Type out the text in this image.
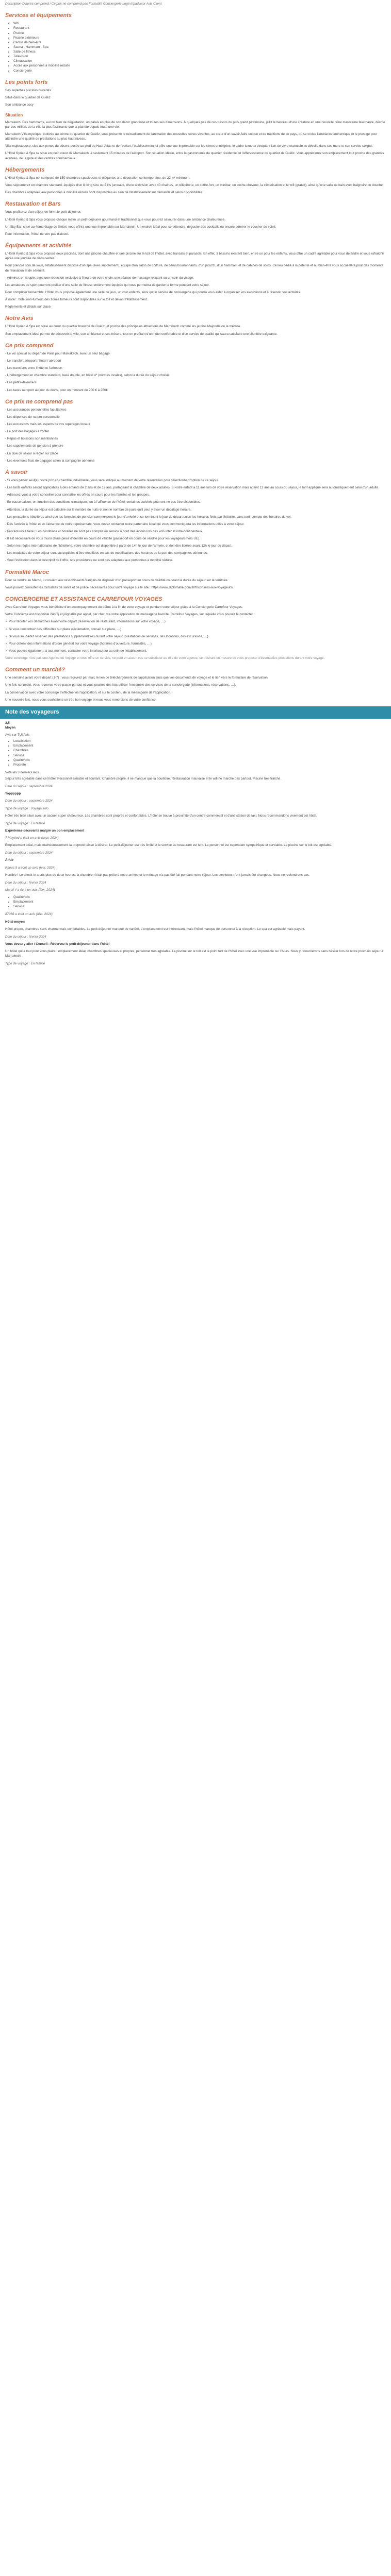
Description D'après comprend / Ce prix ne comprend pas Formalité Conciergerie Logé tripadvisor Avis Client

Services et équipements
• Wifi
• Restaurant
• Piscine
• Piscine extérieure
• Centre de bien-être
• Sauna - Hammam - Spa
• Salle de fitness
• Télévision
• Climatisation
• Accès aux personnes à mobilité réduite
• Conciergerie
Les points forts

Ses superbes piscines ouvertes

Situé dans le quartier de Gueliz

Son ambiance cosy

Situation

Marrakech. Des hammams, au ton bien de dégustation, on palais en plus de son décor grandiose et toutes ses dimensions. À quelques pas de ces trésors du plus grand patrimoine, jaillit le berceau d'une créature en une nouvelle reine marocaine fascinante, décrite par des milliers de la ville la plus fascinante que la planète depuis toute une vie.

Marrakech Villa mystique, cultivée au centre du quartier de Guéliz, vous présente le ruissellement de l'animation des nouvelles ruines vivantes, au cœur d'un savoir-faire unique et de traditions de ce pays, où se croise l'ambiance authentique et le prestige pour atteindre une qualité de prestations au plus haut niveau.

Villa majestueuse, sise aux portes du désert, posée au pied du Haut-Atlas et de l'océan, l'établissement lui offre une vue imprenable sur les cimes enneigées, le cadre luxueux évoquant l'art de vivre marocain se dévoile dans ses murs et son service soigné.

L'Hôtel Kyriad & Spa se situe en plein cœur de Marrakech, à seulement 15 minutes de l'aéroport. Son situation idéale, entre la gastronomie du quartier résidentiel et l'effervescence du quartier de Guéliz. Vous apprécierez son emplacement tout proche des grandes avenues, de la gare et des centres commerciaux.

Hébergements

L'Hôtel Kyriad & Spa est composé de 150 chambres spacieuses et élégantes à la décoration contemporaine, de 22 m² minimum.

Vous séjournerez en chambre standard, équipée d'un lit king size ou 2 lits jumeaux, d'une télévision avec 40 chaînes, un téléphone, un coffre-fort, un minibar, un sèche-cheveux, la climatisation et le wifi (gratuit), ainsi qu'une salle de bain avec baignoire ou douche.

Des chambres adaptées aux personnes à mobilité réduite sont disponibles au sein de l'établissement sur demande et selon disponibilités.

Restauration et Bars

Vous profiterez d'un séjour en formule petit-déjeuner.

L'Hôtel Kyriad & Spa vous propose chaque matin un petit-déjeuner gourmand et traditionnel que vous pourrez savourer dans une ambiance chaleureuse.

Un Sky Bar, situé au 4ème étage de l'hôtel, vous offrira une vue imprenable sur Marrakech. Un endroit idéal pour se détendre, déguster des cocktails ou encore admirer le coucher de soleil.

Pour information, l'hôtel ne sert pas d'alcool.

Équipements et activités

L'Hôtel Kyriad & Spa vous propose deux piscines, dont une piscine chauffée et une piscine sur le toit de l'hôtel, avec transats et parasols. En effet, 3 bassins existent bien, entre un pour les enfants, vous offre un cadre agréable pour vous détendre et vous rafraîchir après une journée de découvertes.

Pour prendre soin de vous, l'établissement dispose d'un spa (avec supplément), équipé d'un salon de coiffure, de bains bouillonnants, d'un jacuzzi, d'un hammam et de cabines de soins. Ce lieu dédié à la détente et au bien-être vous accueillera pour des moments de relaxation et de sérénité.

- Admirez, en couple, avec une réduction exclusive à l'heure de votre choix, une séance de massage relaxant ou un soin du visage.

Les amateurs de sport pourront profiter d'une salle de fitness entièrement équipée qui vous permettra de garder la forme pendant votre séjour.

Pour compléter l'ensemble, l'Hôtel vous propose également une salle de jeux, un coin enfants, ainsi qu'un service de conciergerie qui pourra vous aider à organiser vos excursions et à réserver vos activités.

À noter : hôtel non-fumeur, des zones fumeurs sont disponibles sur le toit et devant l'établissement.

Règlements et détails sur place.

Notre Avis

L'Hôtel Kyriad & Spa est situé au cœur du quartier branché de Guéliz, et proche des principales attractions de Marrakech comme les jardins Majorelle ou la médina.

Son emplacement idéal permet de découvrir la ville, son ambiance et ses trésors, tout en profitant d'un hôtel confortable et d'un service de qualité qui saura satisfaire une clientèle exigeante.

Ce prix comprend

- Le vol spécial au départ de Paris pour Marrakech, avec un seul bagage

- Le transfert aéroport / hôtel / aéroport

- Les transferts entre l'hôtel et l'aéroport

- L'hébergement en chambre standard, base double, en hôtel 4* (normes locales), selon la durée du séjour choisie

- Les petits-déjeuners

- Les taxes aéroport au jour du devis, pour un montant de 200 € à 250€

Ce prix ne comprend pas

- Les assurances personnelles facultatives

- Les dépenses de nature personnelle

- Les excursions mais les aspects de vos repérages locaux

- Le port des bagages à l'hôtel

- Repas et boissons non mentionnés

- Les suppléments de pension à prendre

- La taxe de séjour à régler sur place

- Les éventuels frais de bagages selon la compagnie aérienne

À savoir

- Si vous partez seul(e), votre prix en chambre individuelle, vous sera indiqué au moment de votre réservation pour sélectionner l'option de ce séjour.

- Les tarifs enfants seront applicables à des enfants de 2 ans et de 12 ans, partageant la chambre de deux adultes. Si votre enfant a 11 ans lors de votre réservation mais atteint 12 ans au cours du séjour, le tarif appliqué sera automatiquement celui d'un adulte.

- Adressez-vous à votre conseiller pour connaître les offres en cours pour les familles et les groupes.

- En basse saison, en fonction des conditions climatiques, ou à l'affluence de l'hôtel, certaines activités pourront ne pas être disponibles.

- Attention, la durée du séjour est calculée sur le nombre de nuits et non le nombre de jours qu'il peut y avoir un décalage horaire.

- Les prestations hôtelières ainsi que les formules de pension commencent le jour d'arrivée et se terminent le jour de départ selon les horaires fixés par l'hôtelier, sans tenir compte des horaires de vol.

- Dès l'arrivée à l'hôtel et en l'absence de notre représentant, vous devez contacter notre partenaire local qui vous communiquera les informations utiles à votre séjour.

- Procédures à faire ! Les conditions et horaires ne sont pas compris en service à bord des avions lors des vols inter et intra-continentaux.

- Il est nécessaire de vous munir d'une pièce d'identité en cours de validité (passeport en cours de validité pour les voyageurs hors UE).

- Selon les règles internationales de l'hôtellerie, votre chambre est disponible à partir de 14h le jour de l'arrivée, et doit être libérée avant 12h le jour du départ.

- Les modalités de votre séjour sont susceptibles d'être modifiées en cas de modifications des horaires de la part des compagnies aériennes.

- Seul l'indication dans le descriptif de l'offre, nos procédures ne sont pas adaptées aux personnes à mobilité réduite.

Formalité Maroc

Pour se rendre au Maroc, il convient aux ressortissants français de disposer d'un passeport en cours de validité couvrant la durée du séjour sur le territoire.

Vous pouvez consulter les formalités de santé et de police nécessaires pour votre voyage sur le site : https://www.diplomatie.gouv.fr/fr/conseils-aux-voyageurs/

CONCIERGERIE ET ASSISTANCE CARREFOUR VOYAGES

Avec Carrefour Voyages vous bénéficiez d'un accompagnement du début à la fin de votre voyage et pendant votre séjour grâce à la Conciergerie Carrefour Voyages.

Votre Concierge est disponible 24h/7j et joignable par appel, par chat, via votre application de messagerie favorite. Carrefour Voyages, sur laquelle vous pouvez le contacter :

✓ Pour faciliter vos démarches avant votre départ (réservation de restaurant, informations sur votre voyage, …)

✓ Si vous rencontrez des difficultés sur place (réclamation, conseil sur place, …)

✓ Si vous souhaitez réserver des prestations supplémentaires durant votre séjour (prestations de services, des locations, des excursions, …)

✓ Pour obtenir des informations d'ordre général sur votre voyage (horaires d'ouverture, formalités, …)

✓ Vous pouvez également, à tout moment, contacter votre interlocuteur au sein de l'établissement.

Votre concierge n'est pas une Agence de Voyage et vous offre un service, ne peut en aucun cas se substituer au rôle de votre agence, se trouvant en mesure de vous proposer d'éventuelles prestations durant votre voyage.

Comment un marché?

Une semaine avant votre départ (J-7) : vous recevrez par mail, le lien de téléchargement de l'application ainsi que vos documents de voyage et le lien vers le formulaire de réservation.

Une fois connecté, vous recevrez votre passe-partout et vous pourrez dès lors utiliser l'ensemble des services de la conciergerie (informations, réservations, …).

La conservation avec votre concierge s'effectue via l'application, et sur le contenu de la messagerie de l'application.

Une nouvelle fois, nous vous souhaitons un très bon voyage et nous vous remercions de votre confiance.

Note des voyageurs

3,5

Moyen

Avis sur TUI Avis

• Localisation
• Emplacement
• Chambres
• Service
• Qualité/prix
• Propreté

Voté les 3 derniers avis

Séjour très agréable dans cet hôtel. Personnel aimable et souriant. Chambre propre, il ne manque que la bouilloire. Restauration mauvaise et le wifi ne marche pas partout. Piscine très fraîche.

Date du séjour : septembre 2024

Topppppp

Date du séjour : septembre 2024

Type de voyage : Voyage solo

Hôtel très bien situé avec un accueil super chaleureux. Les chambres sont propres et confortables. L'hôtel se trouve à proximité d'un centre commercial et d'une station de taxi. Nous recommandons vivement cet hôtel.

Type de voyage : En famille

Expérience décevante malgré un bon emplacement

7 Mayéed a écrit un avis (sept. 2024)

Emplacement idéal, mais malheureusement la propreté laisse à désirer. Le petit-déjeuner est très limité et le service au restaurant est lent. Le personnel est cependant sympathique et serviable. La piscine sur le toit est agréable.

Date du séjour : septembre 2024

À fuir

Kaous 9 a écrit un avis (févr. 2024)

Horrible ! Le check-in a pris plus de deux heures, la chambre n'était pas prête à notre arrivée et le ménage n'a pas été fait pendant notre séjour. Les serviettes n'ont jamais été changées. Nous ne reviendrons pas.

Date du séjour : février 2024

Marcil 4 a écrit un avis (févr. 2024)

• Qualité/prix
• Emplacement
• Service

87066 a écrit un avis (févr. 2024)

Hôtel moyen

Hôtel propre, chambres sans charme mais confortables. Le petit-déjeuner manque de variété. L'emplacement est intéressant, mais l'hôtel manque de personnel à la réception. Le spa est agréable mais payant.

Date du séjour : février 2024

Vous devez y aller / Conseil : Réservez le petit-déjeuner dans l'hôtel

Un hôtel qui a tout pour vous plaire : emplacement idéal, chambres spacieuses et propres, personnel très agréable. La piscine sur le toit est le point fort de l'hôtel avec une vue imprenable sur l'Atlas. Nous y retournerons sans hésiter lors de notre prochain séjour à Marrakech.

Type de voyage : En famille
